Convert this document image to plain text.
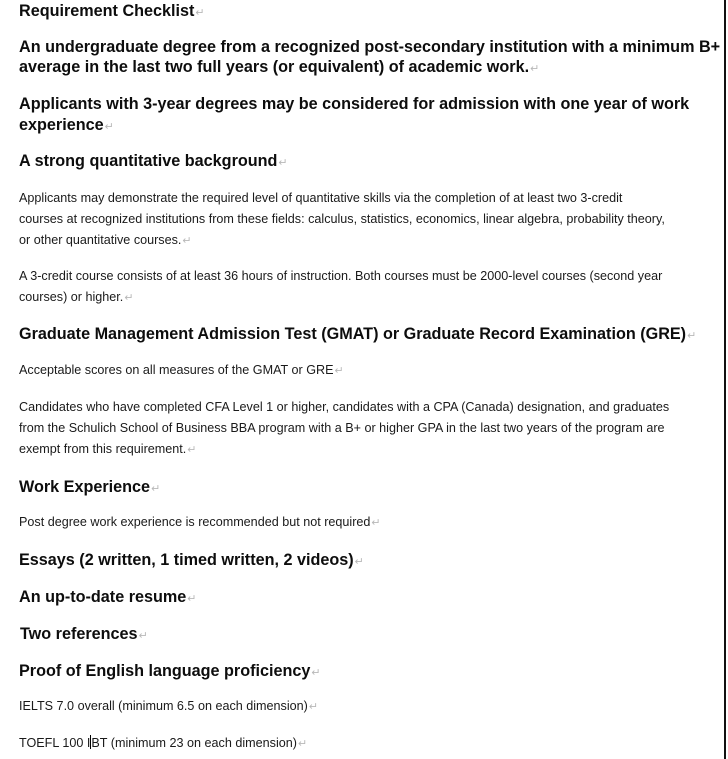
Requirement Checklist↵

An undergraduate degree from a recognized post-secondary institution with a minimum B+

average in the last two full years (or equivalent) of academic work.↵

Applicants with 3-year degrees may be considered for admission with one year of work

experience↵

A strong quantitative background↵

Applicants may demonstrate the required level of quantitative skills via the completion of at least two 3-credit

courses at recognized institutions from these fields: calculus, statistics, economics, linear algebra, probability theory,

or other quantitative courses.↵

A 3-credit course consists of at least 36 hours of instruction. Both courses must be 2000-level courses (second year

courses) or higher.↵

Graduate Management Admission Test (GMAT) or Graduate Record Examination (GRE)↵

Acceptable scores on all measures of the GMAT or GRE↵

Candidates who have completed CFA Level 1 or higher, candidates with a CPA (Canada) designation, and graduates

from the Schulich School of Business BBA program with a B+ or higher GPA in the last two years of the program are

exempt from this requirement.↵

Work Experience↵

Post degree work experience is recommended but not required↵

Essays (2 written, 1 timed written, 2 videos)↵

An up-to-date resume↵

Two references↵

Proof of English language proficiency↵

IELTS 7.0 overall (minimum 6.5 on each dimension)↵

TOEFL 100 IBT (minimum 23 on each dimension)↵
